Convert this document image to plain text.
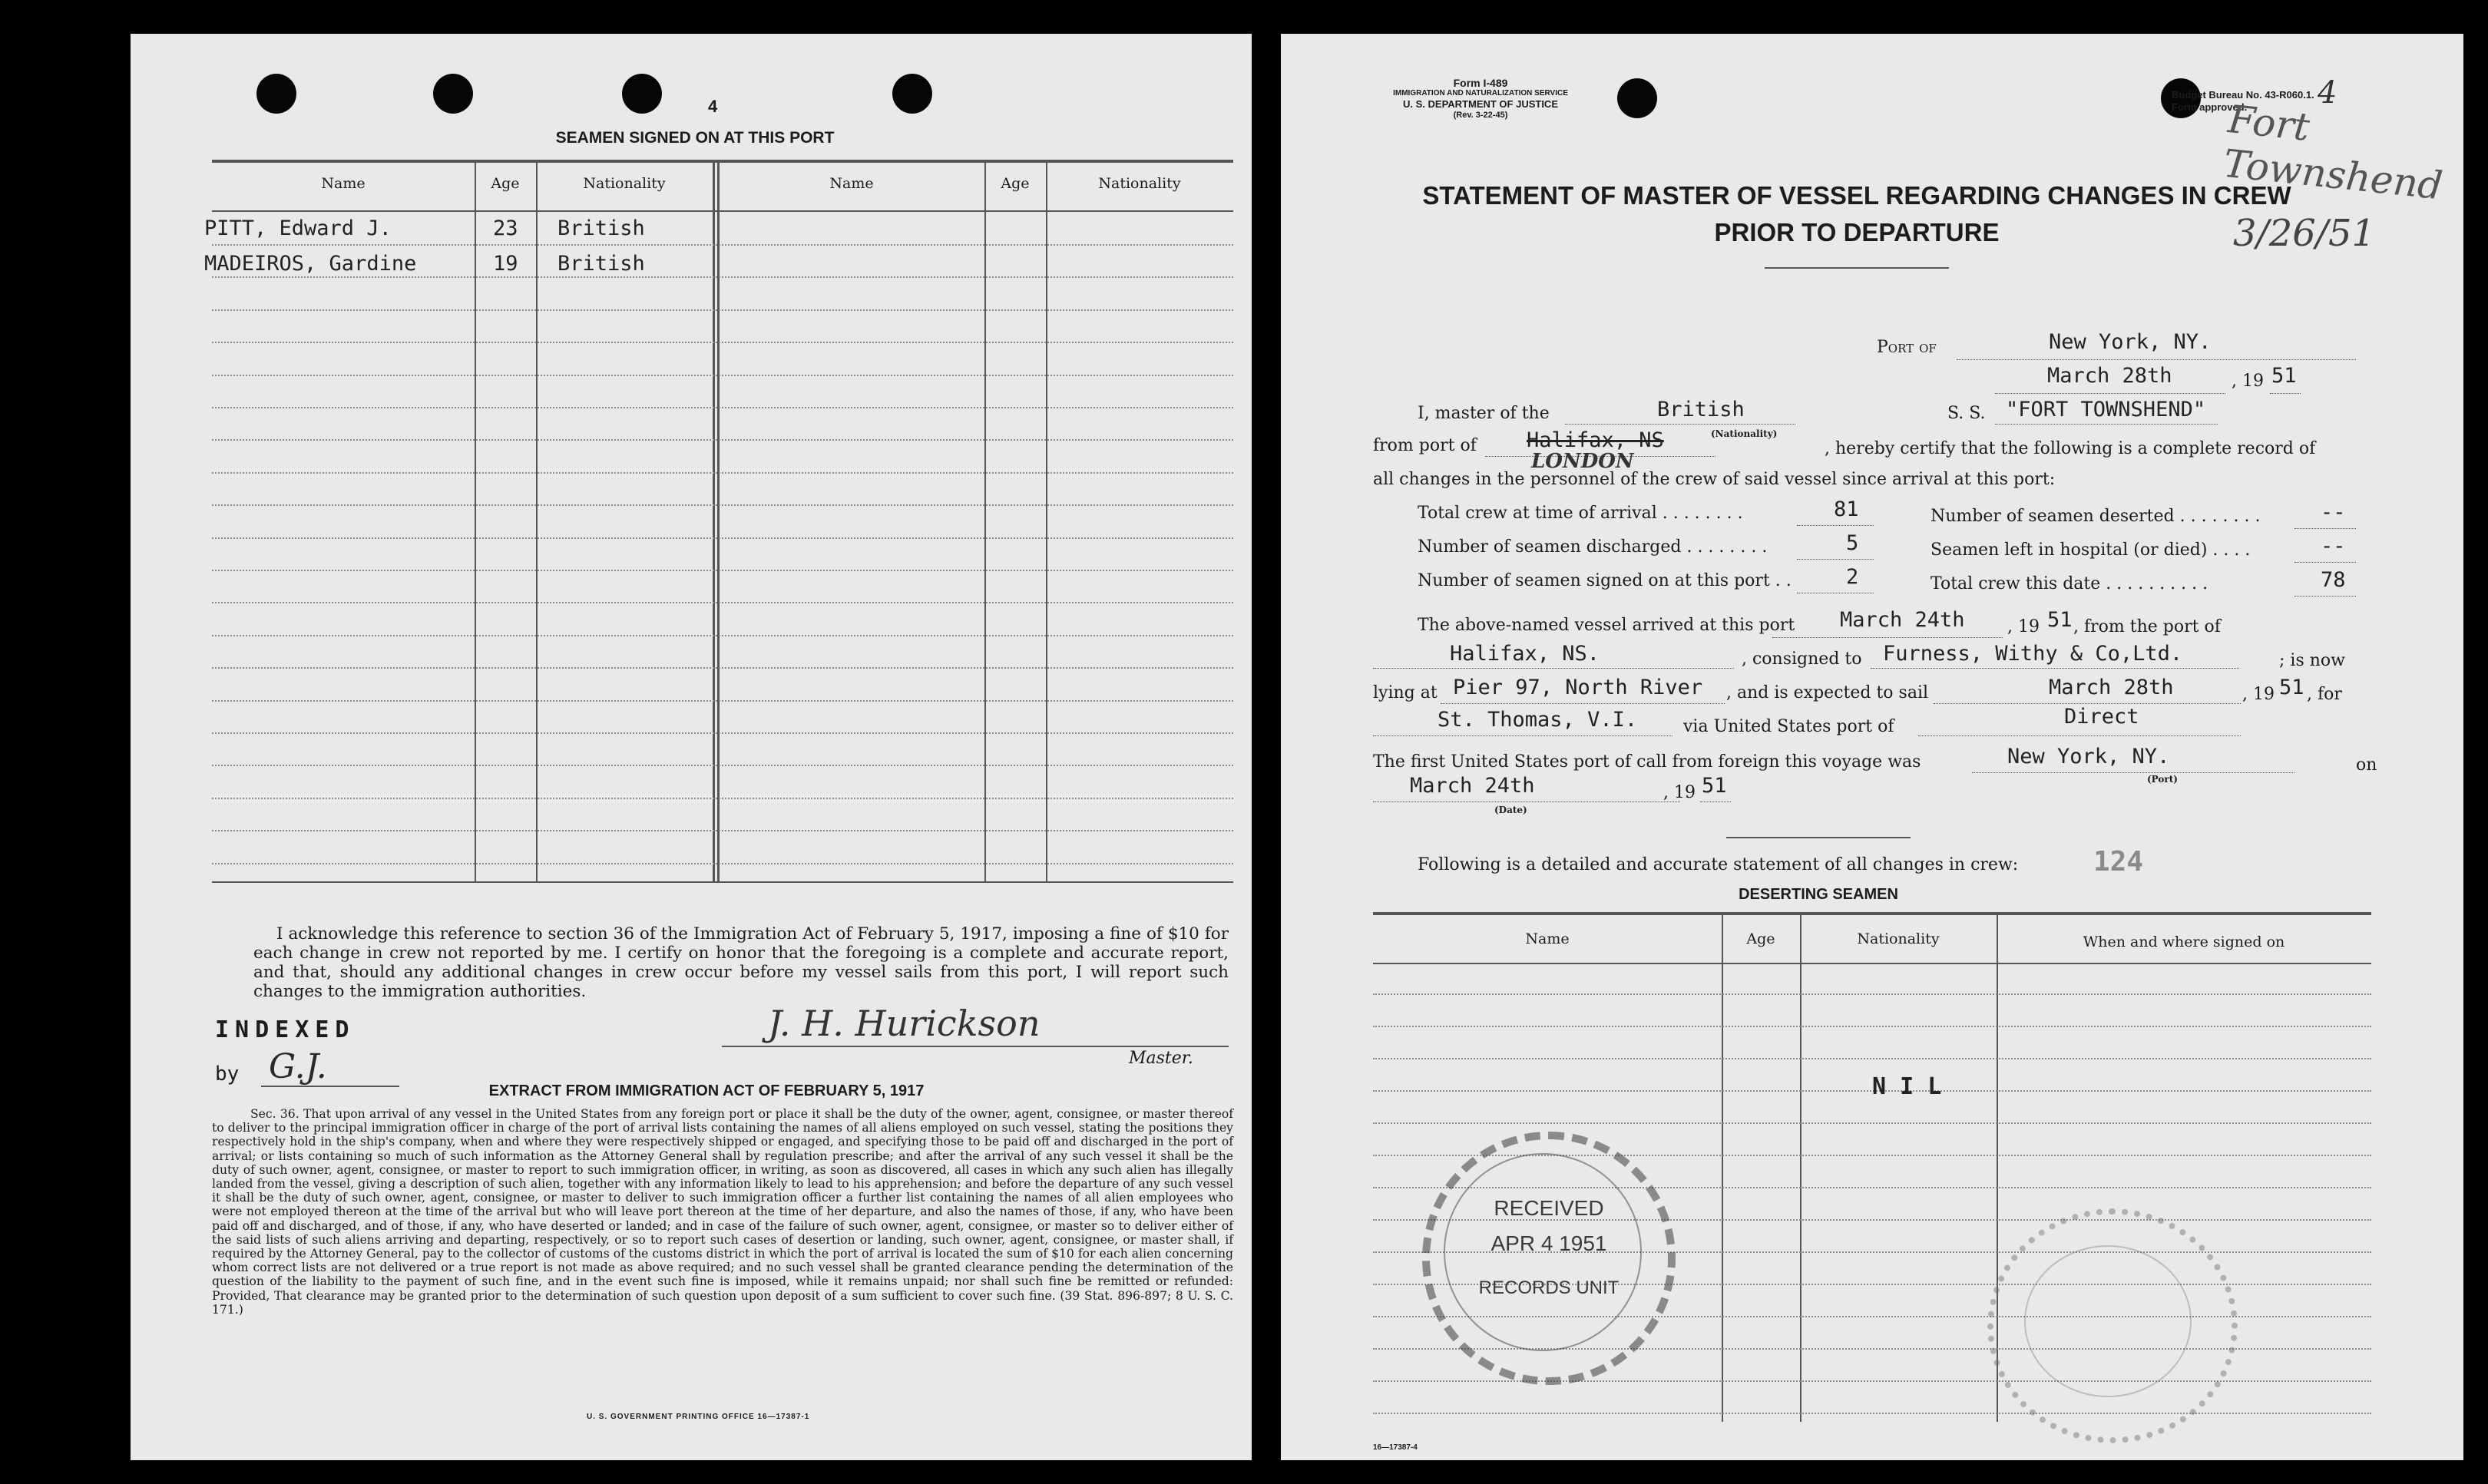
4
SEAMEN SIGNED ON AT THIS PORT
Name	Age	Nationality	Name	Age	Nationality
PITT, Edward J.	23 British
MADEIROS, Gardine	19 British
I acknowledge this reference to section 36 of the Immigration Act of February 5, 1917, imposing a fine of $10 for each change in crew not reported by me. I certify on honor that the foregoing is a complete and accurate report, and that, should any additional changes in crew occur before my vessel sails from this port, I will report such changes to the immigration authorities.
INDEXED
by G.J.
J. H. Hurickson
Master.
EXTRACT FROM IMMIGRATION ACT OF FEBRUARY 5, 1917
Sec. 36. That upon arrival of any vessel in the United States from any foreign port or place it shall be the duty of the owner, agent, consignee, or master thereof to deliver to the principal immigration officer in charge of the port of arrival lists containing the names of all aliens employed on such vessel, stating the positions they respectively hold in the ship's company, when and where they were respectively shipped or engaged, and specifying those to be paid off and discharged in the port of arrival; or lists containing so much of such information as the Attorney General shall by regulation prescribe; and after the arrival of any such vessel it shall be the duty of such owner, agent, consignee, or master to report to such immigration officer, in writing, as soon as discovered, all cases in which any such alien has illegally landed from the vessel, giving a description of such alien, together with any information likely to lead to his apprehension; and before the departure of any such vessel it shall be the duty of such owner, agent, consignee, or master to deliver to such immigration officer a further list containing the names of all alien employees who were not employed thereon at the time of the arrival but who will leave port thereon at the time of her departure, and also the names of those, if any, who have been paid off and discharged, and of those, if any, who have deserted or landed; and in case of the failure of such owner, agent, consignee, or master so to deliver either of the said lists of such aliens arriving and departing, respectively, or so to report such cases of desertion or landing, such owner, agent, consignee, or master shall, if required by the Attorney General, pay to the collector of customs of the customs district in which the port of arrival is located the sum of $10 for each alien concerning whom correct lists are not delivered or a true report is not made as above required; and no such vessel shall be granted clearance pending the determination of the question of the liability to the payment of such fine, and in the event such fine is imposed, while it remains unpaid; nor shall such fine be remitted or refunded: Provided, That clearance may be granted prior to the determination of such question upon deposit of a sum sufficient to cover such fine. (39 Stat. 896-897; 8 U. S. C. 171.)
U. S. GOVERNMENT PRINTING OFFICE 16—17387-1
Form I-489
IMMIGRATION AND NATURALIZATION SERVICE
U. S. DEPARTMENT OF JUSTICE
(Rev. 3-22-45)
Budget Bureau No. 43-R060.1.
Form approved. 4
Fort Townshend
3/26/51
STATEMENT OF MASTER OF VESSEL REGARDING CHANGES IN CREW
PRIOR TO DEPARTURE
Port of	New York, NY.
March 28th	, 19 51
I, master of the	British
(Nationality)
S. S. "FORT TOWNSHEND"
from port of Halifax, NS
LONDON
, hereby certify that the following is a complete record of
all changes in the personnel of the crew of said vessel since arrival at this port:
Total crew at time of arrival . . . . . . . .	81
Number of seamen discharged . . . . . . . .	5
Number of seamen signed on at this port . .	2
Number of seamen deserted . . . . . . . .	--
Seamen left in hospital (or died) . . . .	--
Total crew this date . . . . . . . . . .	78
The above-named vessel arrived at this port March 24th	, 19 51 , from the port of
Halifax, NS.	, consigned to Furness, Withy & Co,Ltd.	; is now
lying at Pier 97, North River , and is expected to sail	March 28th	, 19 51 , for
St. Thomas, V.I.	via United States port of	Direct
The first United States port of call from foreign this voyage was	New York, NY.
(Port)
on
March 24th
(Date)
, 19 51
Following is a detailed and accurate statement of all changes in crew:	124
DESERTING SEAMEN
Name	Age	Nationality	When and where signed on
N I L
RECEIVED
APR 4 1951
RECORDS UNIT
16—17387-4
